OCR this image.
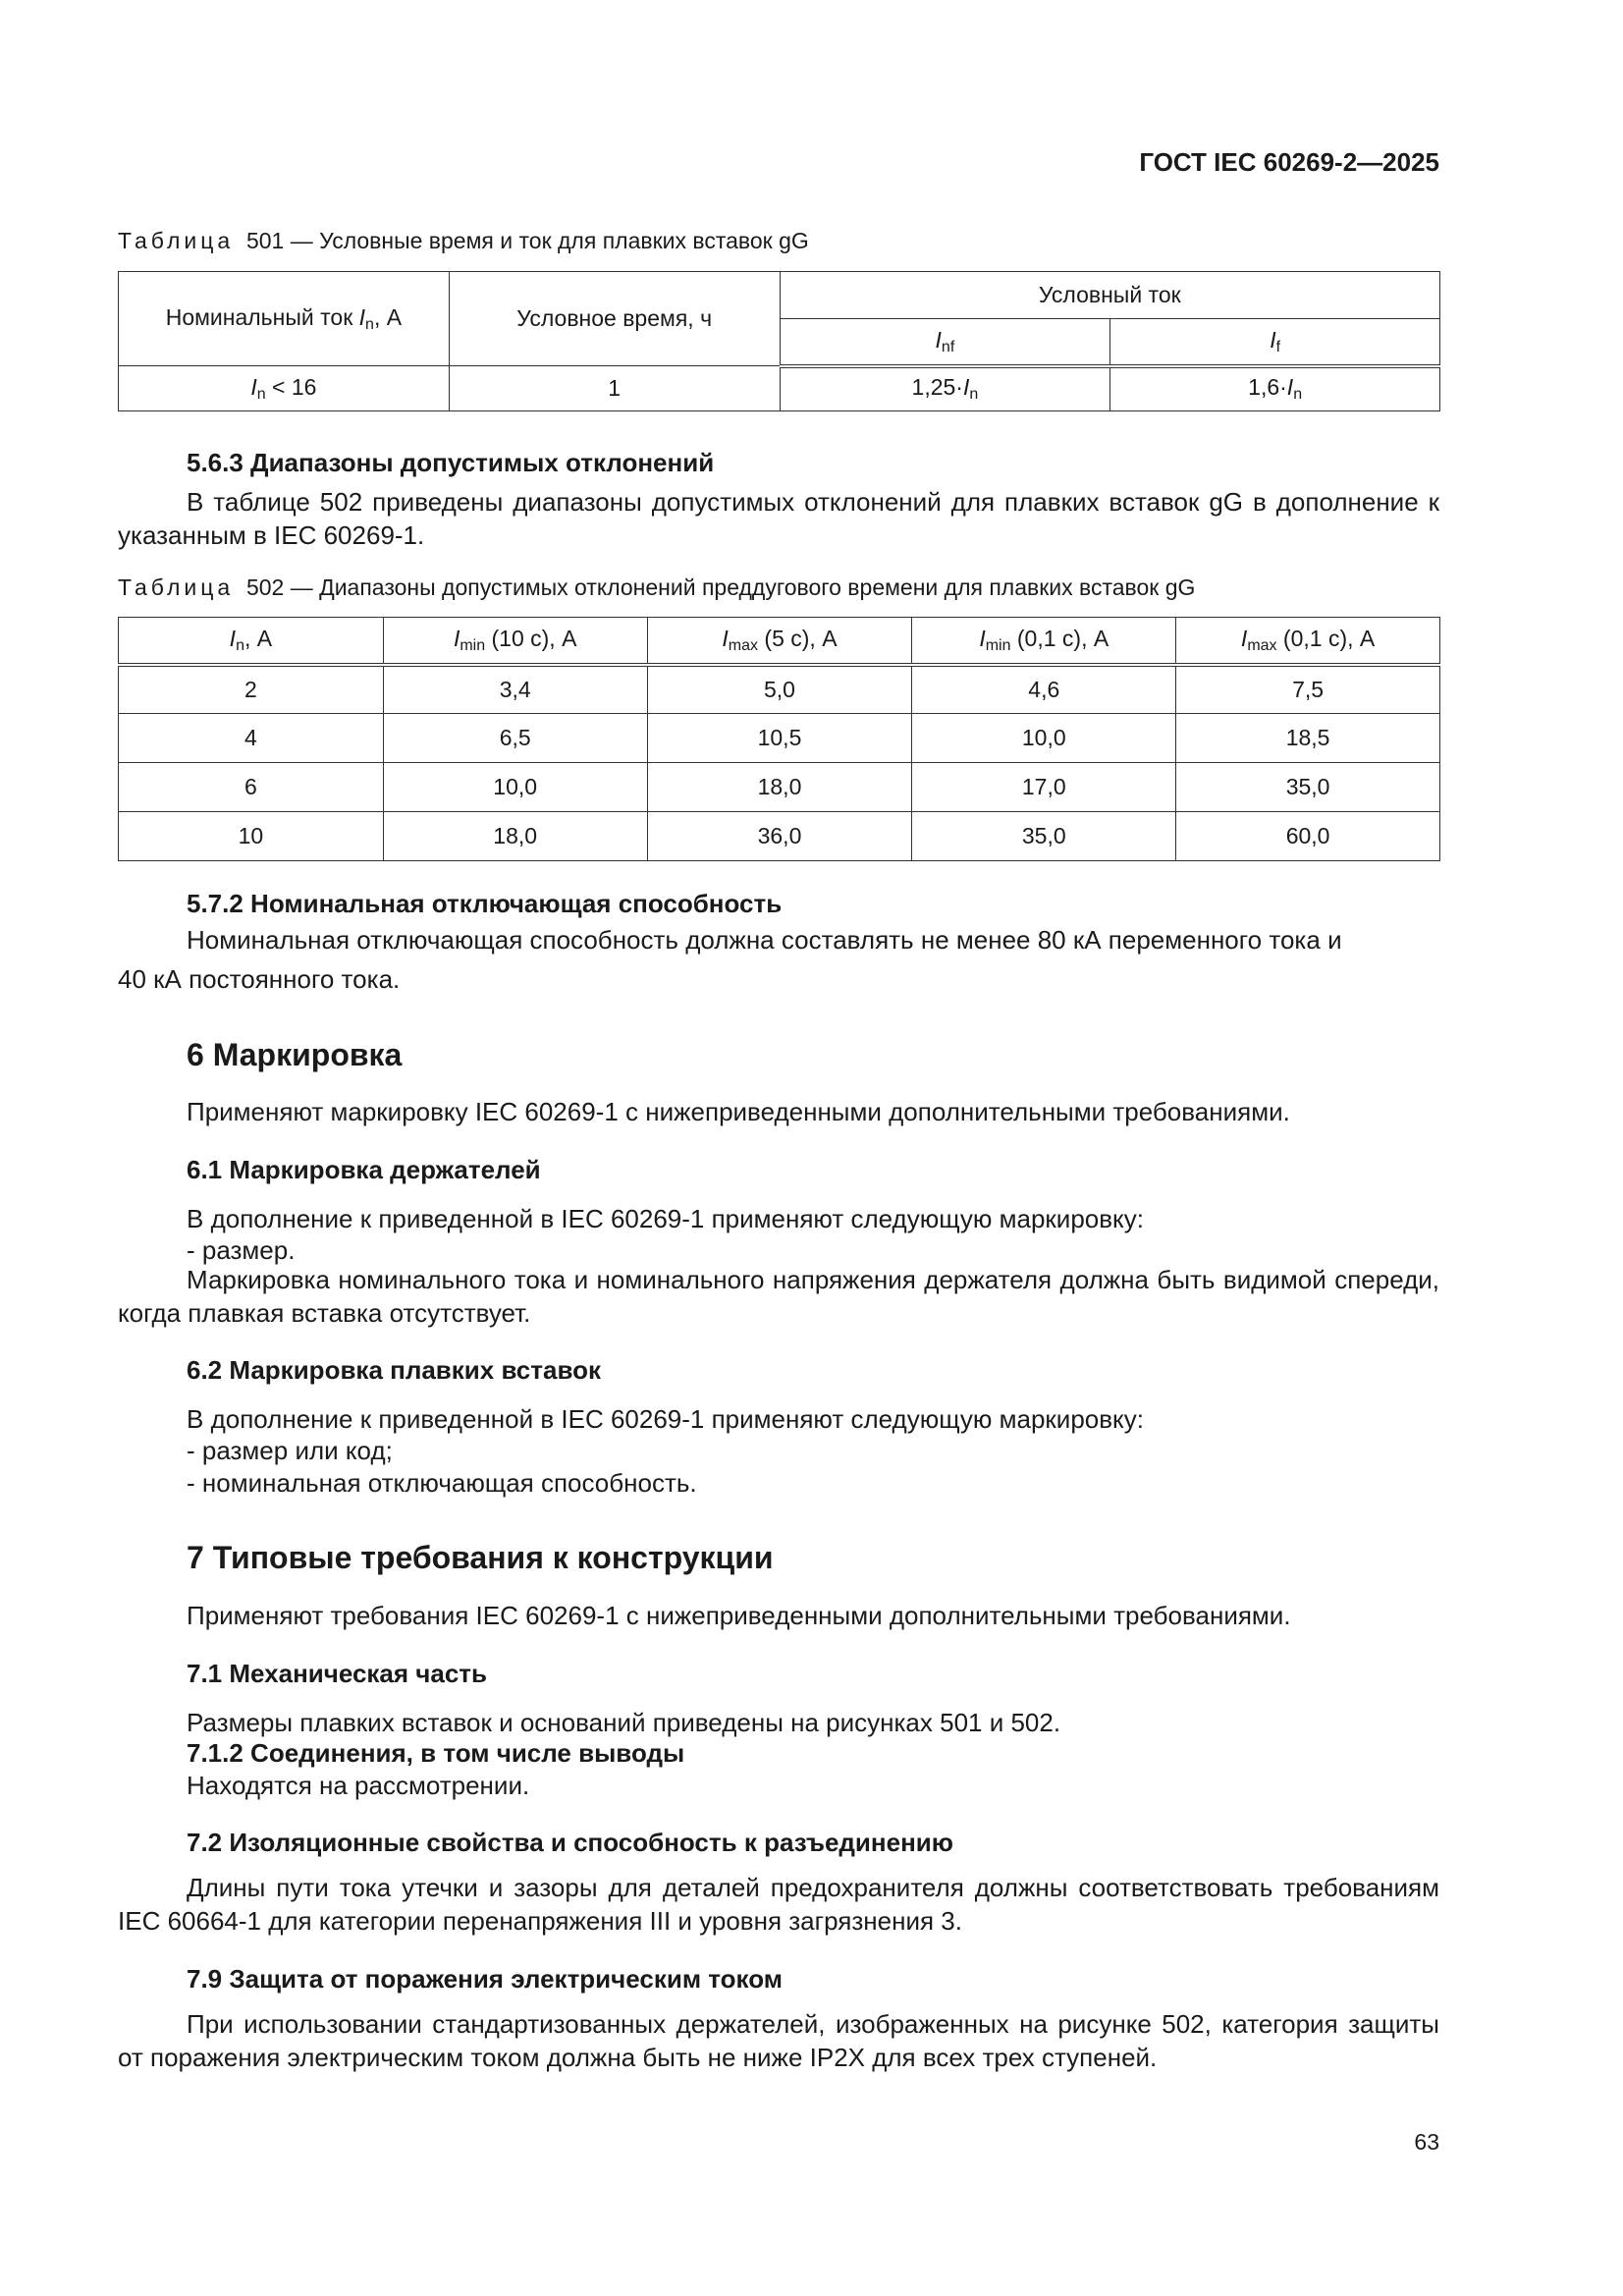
ГОСТ IEC 60269-2—2025
Таблица 501 — Условные время и ток для плавких вставок gG
Номинальный ток $I_n$, А	Условное время, ч	Условный ток	
		$I_{nf}$	$I_f$
$I_n < 16$	1	$1,25\cdot I_n$	$1,6\cdot I_n$
5.6.3 Диапазоны допустимых отклонений
В таблице 502 приведены диапазоны допустимых отклонений для плавких вставок gG в дополнение к указанным в IEC 60269-1.
Таблица 502 — Диапазоны допустимых отклонений преддугового времени для плавких вставок gG
$I_n$, А	$I_{min}$ (10 с), А	$I_{max}$ (5 с), А	$I_{min}$ (0,1 с), А	$I_{max}$ (0,1 с), А
2	3,4	5,0	4,6	7,5
4	6,5	10,5	10,0	18,5
6	10,0	18,0	17,0	35,0
10	18,0	36,0	35,0	60,0
5.7.2 Номинальная отключающая способность
Номинальная отключающая способность должна составлять не менее 80 кА переменного тока и
40 кА постоянного тока.
6 Маркировка
Применяют маркировку IEC 60269-1 с нижеприведенными дополнительными требованиями.
6.1 Маркировка держателей
В дополнение к приведенной в IEC 60269-1 применяют следующую маркировку:
- размер.
Маркировка номинального тока и номинального напряжения держателя должна быть видимой спереди, когда плавкая вставка отсутствует.
6.2 Маркировка плавких вставок
В дополнение к приведенной в IEC 60269-1 применяют следующую маркировку:
- размер или код;
- номинальная отключающая способность.
7 Типовые требования к конструкции
Применяют требования IEC 60269-1 с нижеприведенными дополнительными требованиями.
7.1 Механическая часть
Размеры плавких вставок и оснований приведены на рисунках 501 и 502.
7.1.2 Соединения, в том числе выводы
Находятся на рассмотрении.
7.2 Изоляционные свойства и способность к разъединению
Длины пути тока утечки и зазоры для деталей предохранителя должны соответствовать требованиям IEC 60664-1 для категории перенапряжения III и уровня загрязнения 3.
7.9 Защита от поражения электрическим током
При использовании стандартизованных держателей, изображенных на рисунке 502, категория защиты от поражения электрическим током должна быть не ниже IP2X для всех трех ступеней.
63
